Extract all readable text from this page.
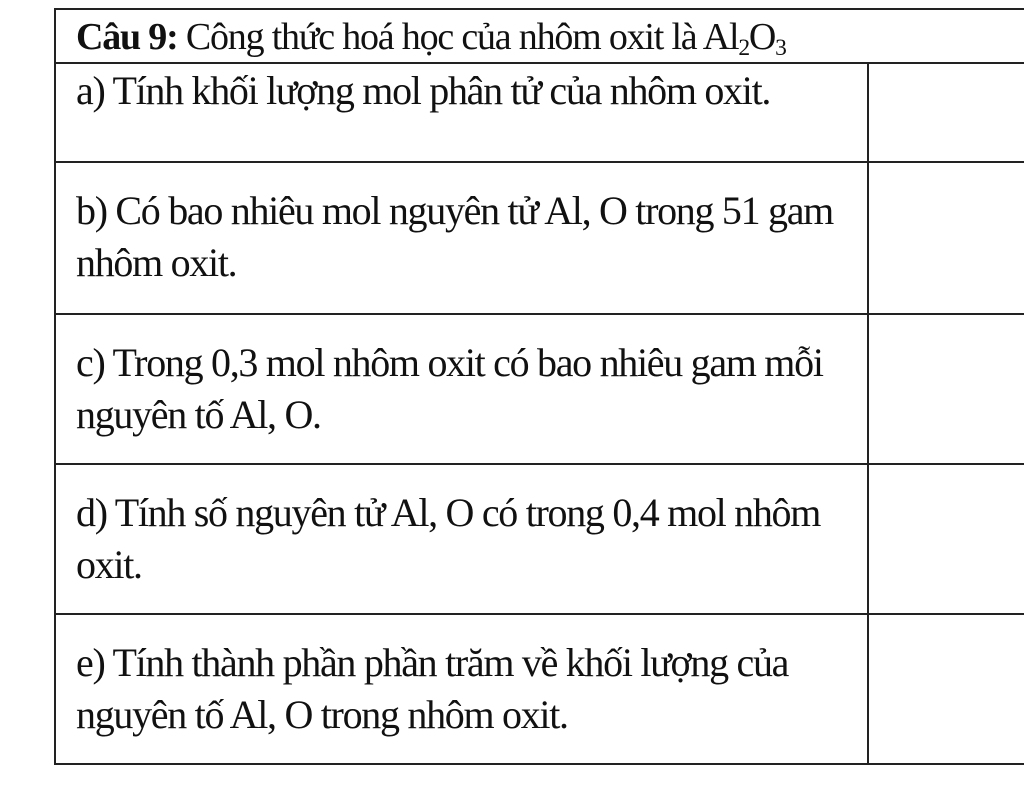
Câu 9: Công thức hoá học của nhôm oxit là $Al_2O_3$
a) Tính khối lượng mol phân tử của nhôm oxit.
b) Có bao nhiêu mol nguyên tử Al, O trong 51 gam nhôm oxit.
c) Trong 0,3 mol nhôm oxit có bao nhiêu gam mỗi nguyên tố Al, O.
d) Tính số nguyên tử Al, O có trong 0,4 mol nhôm oxit.
e) Tính thành phần phần trăm về khối lượng của nguyên tố Al, O trong nhôm oxit.
